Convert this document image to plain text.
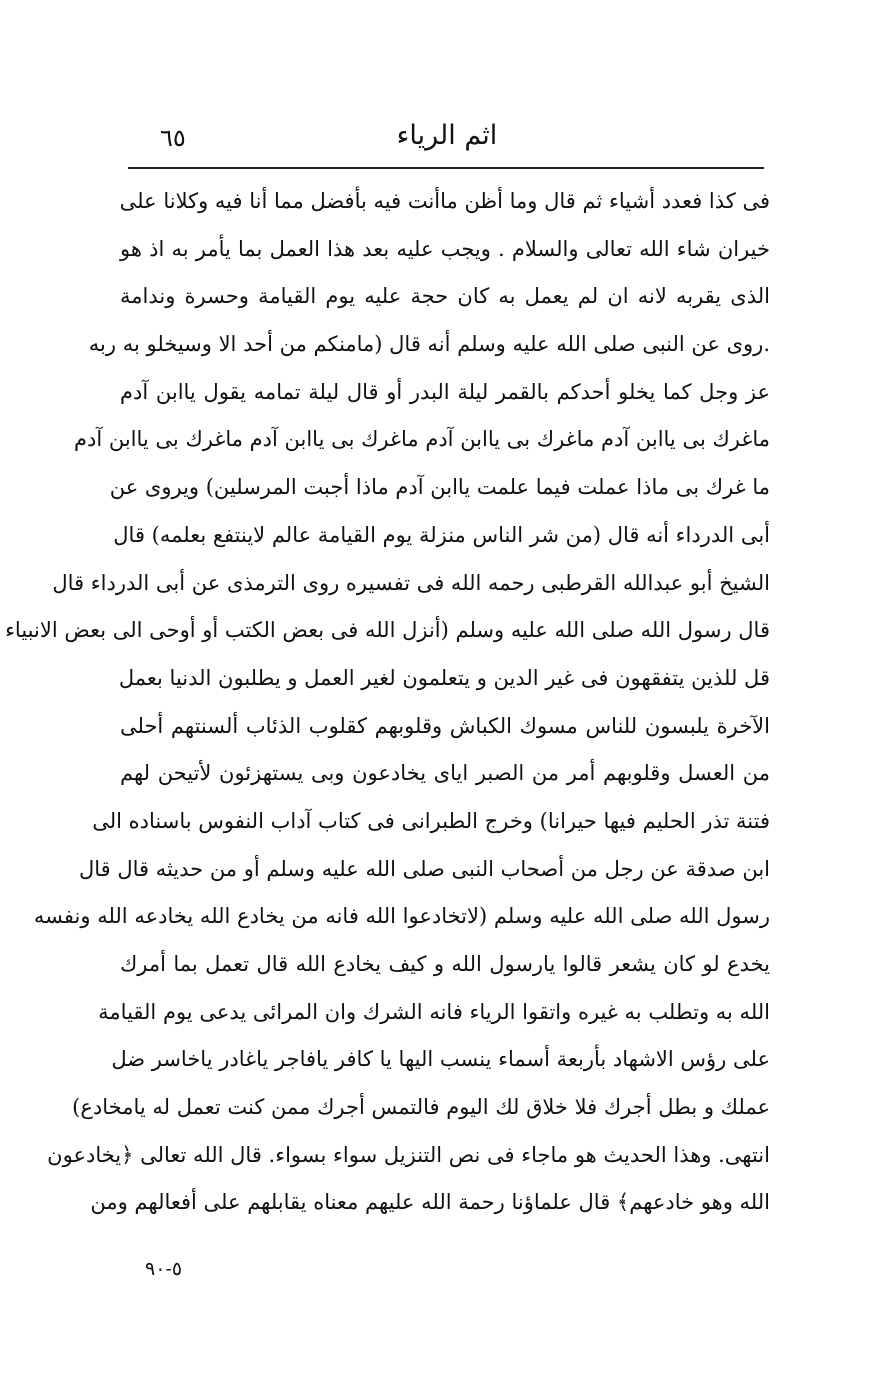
اثم الرياء
٦٥
فی کذا فعدد أشیاء ثم قال وما أظن ماأنت فیه بأفضل مما أنا فیه وکلانا علی
خیران شاء الله تعالی والسلام . ویجب علیه بعد هذا العمل بما یأمر به اذ هو
الذی یقربه لانه ان لم یعمل به کان حجة علیه یوم القیامة وحسرة وندامة
.روی عن النبی صلی الله علیه وسلم أنه قال (مامنکم من أحد الا وسیخلو به ربه
عز وجل کما یخلو أحدکم بالقمر لیلة البدر أو قال لیلة تمامه یقول یاابن آدم
ماغرك بی یاابن آدم ماغرك بی یاابن آدم ماغرك بی یاابن آدم ماغرك بی یاابن آدم
ما غرك بی ماذا عملت فیما علمت یاابن آدم ماذا أجبت المرسلین) ویروی عن
أبی الدرداء أنه قال (من شر الناس منزلة یوم القیامة عالم لاینتفع بعلمه) قال
الشیخ أبو عبدالله القرطبی رحمه الله فی تفسیره روی الترمذی عن أبی الدرداء قال
قال رسول الله صلی الله علیه وسلم (أنزل الله فی بعض الکتب أو أوحی الی بعض الانبیاء
قل للذین یتفقهون فی غیر الدین و یتعلمون لغیر العمل و یطلبون الدنیا بعمل
الآخرة یلبسون للناس مسوك الکباش وقلوبهم کقلوب الذئاب ألسنتهم أحلی
من العسل وقلوبهم أمر من الصبر ایای یخادعون وبی یستهزئون لأتیحن لهم
فتنة تذر الحلیم فیها حیرانا) وخرج الطبرانی فی کتاب آداب النفوس باسناده الی
ابن صدقة عن رجل من أصحاب النبی صلی الله علیه وسلم أو من حدیثه قال قال
رسول الله صلی الله علیه وسلم (لاتخادعوا الله فانه من یخادع الله یخادعه الله ونفسه
یخدع لو کان یشعر قالوا یارسول الله و کیف یخادع الله قال تعمل بما أمرك
الله به وتطلب به غیره واتقوا الریاء فانه الشرك وان المرائی یدعی یوم القیامة
علی رؤس الاشهاد بأربعة أسماء ینسب الیها یا کافر یافاجر یاغادر یاخاسر ضل
عملك و بطل أجرك فلا خلاق لك الیوم فالتمس أجرك ممن کنت تعمل له یامخادع)
انتهی. وهذا الحدیث هو ماجاء فی نص التنزیل سواء بسواء. قال الله تعالی ﴿یخادعون
الله وهو خادعهم﴾ قال علماؤنا رحمة الله علیهم معناه یقابلهم علی أفعالهم ومن
٥-٩٠
